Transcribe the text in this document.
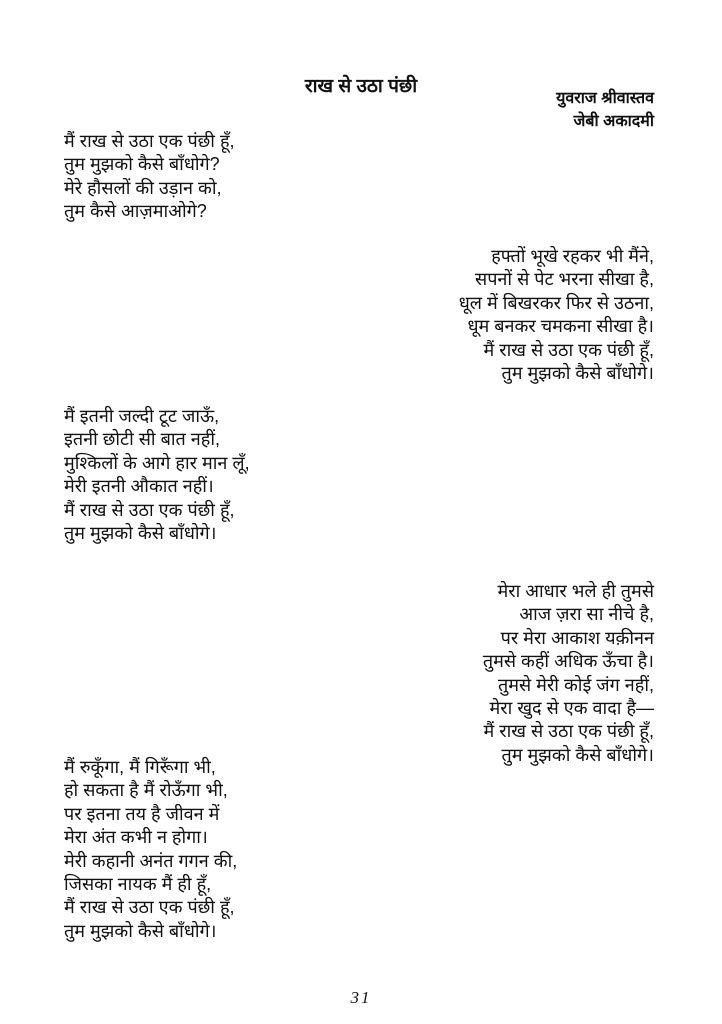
राख से उठा पंछी

युवराज श्रीवास्तव

जेबी अकादमी

मैं राख से उठा एक पंछी हूँ,

तुम मुझको कैसे बाँधोगे?

मेरे हौसलों की उड़ान को,

तुम कैसे आज़माओगे?

हफ्तों भूखे रहकर भी मैंने,

सपनों से पेट भरना सीखा है,

धूल में बिखरकर फिर से उठना,

धूम बनकर चमकना सीखा है।

मैं राख से उठा एक पंछी हूँ,

तुम मुझको कैसे बाँधोगे।

मैं इतनी जल्दी टूट जाऊँ,

इतनी छोटी सी बात नहीं,

मुश्किलों के आगे हार मान लूँ,

मेरी इतनी औकात नहीं।

मैं राख से उठा एक पंछी हूँ,

तुम मुझको कैसे बाँधोगे।

मेरा आधार भले ही तुमसे

आज ज़रा सा नीचे है,

पर मेरा आकाश यक़ीनन

तुमसे कहीं अधिक ऊँचा है।

तुमसे मेरी कोई जंग नहीं,

मेरा खुद से एक वादा है—

मैं राख से उठा एक पंछी हूँ,

तुम मुझको कैसे बाँधोगे।

मैं रुकूँगा, मैं गिरूँगा भी,

हो सकता है मैं रोऊँगा भी,

पर इतना तय है जीवन में

मेरा अंत कभी न होगा।

मेरी कहानी अनंत गगन की,

जिसका नायक मैं ही हूँ,

मैं राख से उठा एक पंछी हूँ,

तुम मुझको कैसे बाँधोगे।

31
